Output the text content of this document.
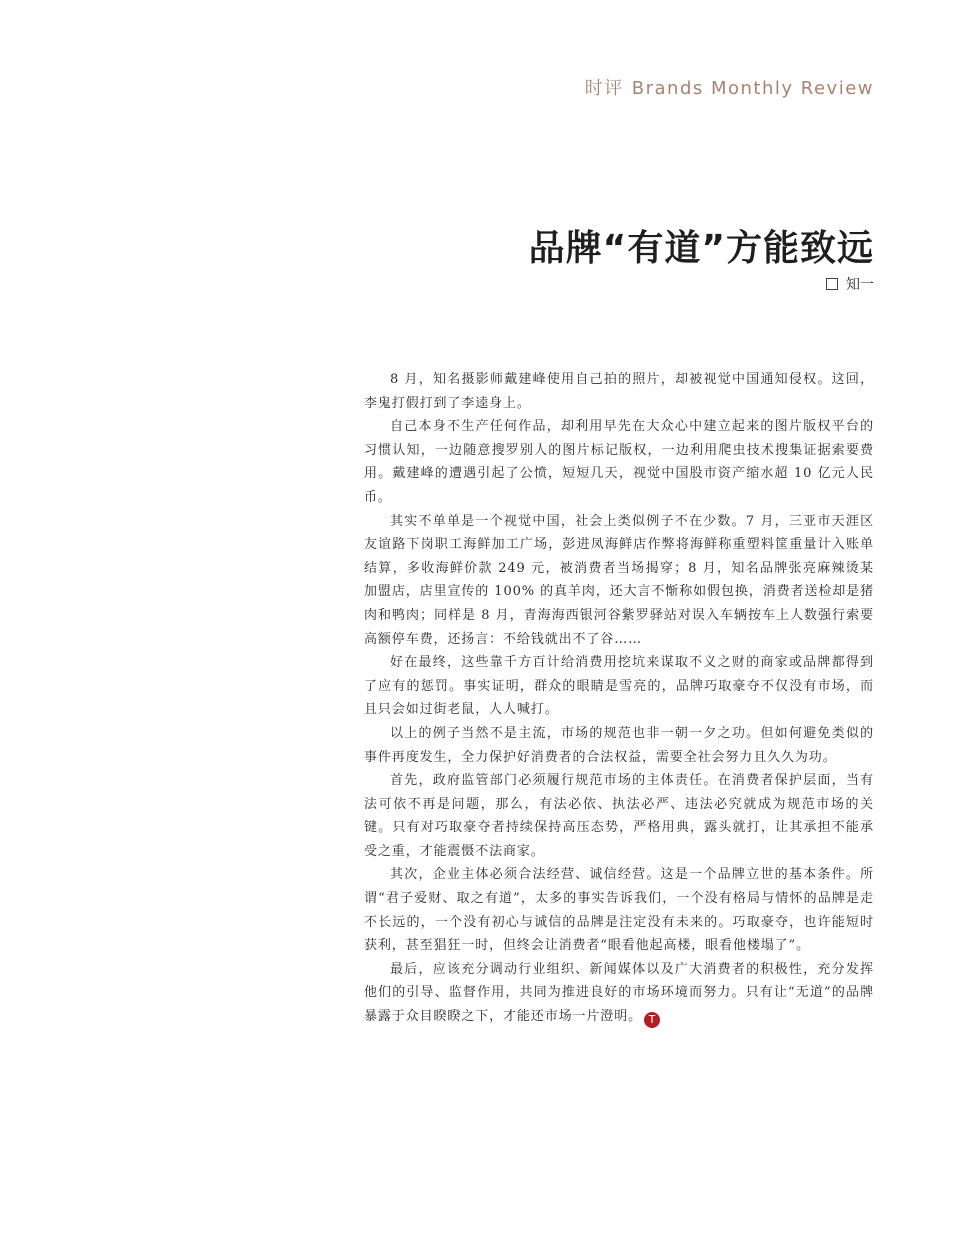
时评 Brands Monthly Review
品牌“有道”方能致远
知一

8 月，知名摄影师戴建峰使用自己拍的照片，却被视觉中国通知侵权。这回，李鬼打假打到了李逵身上。

自己本身不生产任何作品，却利用早先在大众心中建立起来的图片版权平台的习惯认知，一边随意搜罗别人的图片标记版权，一边利用爬虫技术搜集证据索要费用。戴建峰的遭遇引起了公愤，短短几天，视觉中国股市资产缩水超 10 亿元人民币。

其实不单单是一个视觉中国，社会上类似例子不在少数。7 月，三亚市天涯区友谊路下岗职工海鲜加工广场，彭进凤海鲜店作弊将海鲜称重塑料筐重量计入账单结算，多收海鲜价款 249 元，被消费者当场揭穿；8 月，知名品牌张亮麻辣烫某加盟店，店里宣传的 100% 的真羊肉，还大言不惭称如假包换，消费者送检却是猪肉和鸭肉；同样是 8 月，青海海西银河谷紫罗驿站对误入车辆按车上人数强行索要高额停车费，还扬言：不给钱就出不了谷……

好在最终，这些靠千方百计给消费用挖坑来谋取不义之财的商家或品牌都得到了应有的惩罚。事实证明，群众的眼睛是雪亮的，品牌巧取豪夺不仅没有市场，而且只会如过街老鼠，人人喊打。

以上的例子当然不是主流，市场的规范也非一朝一夕之功。但如何避免类似的事件再度发生，全力保护好消费者的合法权益，需要全社会努力且久久为功。

首先，政府监管部门必须履行规范市场的主体责任。在消费者保护层面，当有法可依不再是问题，那么，有法必依、执法必严、违法必究就成为规范市场的关键。只有对巧取豪夺者持续保持高压态势，严格用典，露头就打，让其承担不能承受之重，才能震慑不法商家。

其次，企业主体必须合法经营、诚信经营。这是一个品牌立世的基本条件。所谓“君子爱财、取之有道”，太多的事实告诉我们，一个没有格局与情怀的品牌是走不长远的，一个没有初心与诚信的品牌是注定没有未来的。巧取豪夺，也许能短时获利，甚至猖狂一时，但终会让消费者“眼看他起高楼，眼看他楼塌了”。

最后，应该充分调动行业组织、新闻媒体以及广大消费者的积极性，充分发挥他们的引导、监督作用，共同为推进良好的市场环境而努力。只有让“无道”的品牌暴露于众目睽睽之下，才能还市场一片澄明。 T
